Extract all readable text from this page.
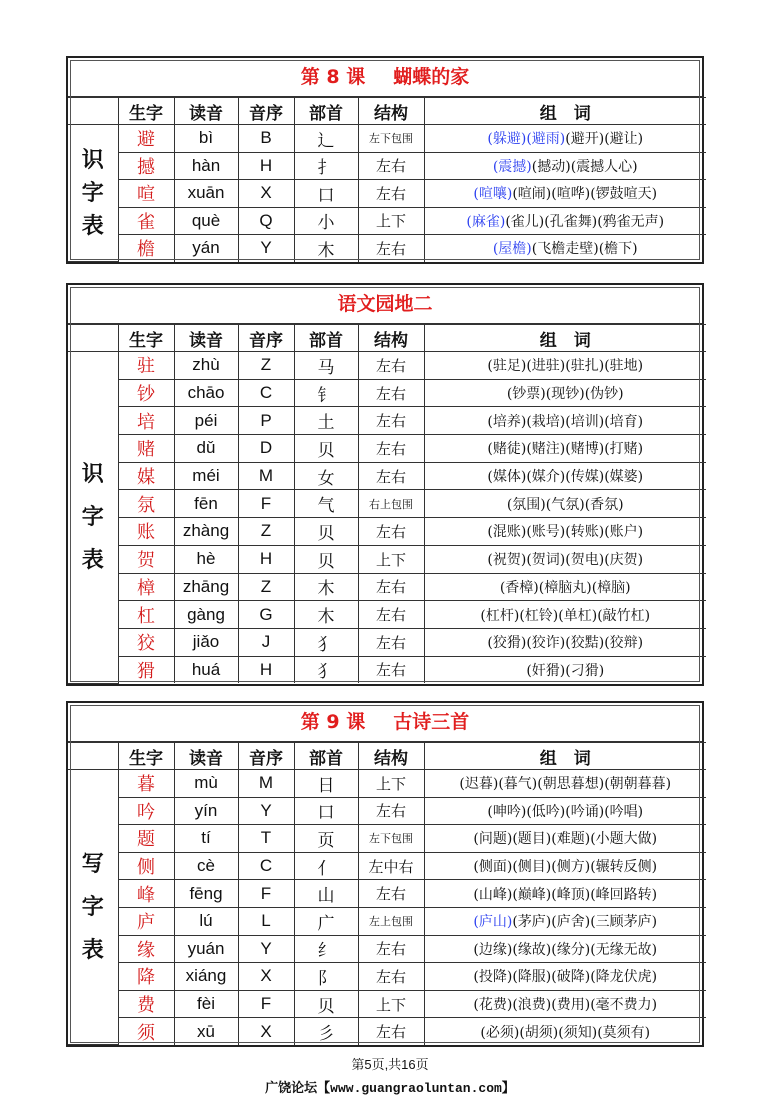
第 8 课 蝴蝶的家
	生字	读音	音序	部首	结构	组　词

识
字
表	避	bì	B	辶	左下包围	(躲避)(避雨)(避开)(避让)
	撼	hàn	H	扌	左右	(震撼)(撼动)(震撼人心)
	喧	xuān	X	口	左右	(喧嚷)(喧闹)(喧哗)(锣鼓喧天)
	雀	què	Q	小	上下	(麻雀)(雀儿)(孔雀舞)(鸦雀无声)
	檐	yán	Y	木	左右	(屋檐)(飞檐走壁)(檐下)
语文园地二
	生字	读音	音序	部首	结构	组　词

识
字
表	驻	zhù	Z	马	左右	(驻足)(进驻)(驻扎)(驻地)
	钞	chāo	C	钅	左右	(钞票)(现钞)(伪钞)
	培	péi	P	土	左右	(培养)(栽培)(培训)(培育)
	赌	dǔ	D	贝	左右	(赌徒)(赌注)(赌博)(打赌)
	媒	méi	M	女	左右	(媒体)(媒介)(传媒)(媒婆)
	氛	fēn	F	气	右上包围	(氛围)(气氛)(香氛)
	账	zhàng	Z	贝	左右	(混账)(账号)(转账)(账户)
	贺	hè	H	贝	上下	(祝贺)(贺词)(贺电)(庆贺)
	樟	zhāng	Z	木	左右	(香樟)(樟脑丸)(樟脑)
	杠	gàng	G	木	左右	(杠杆)(杠铃)(单杠)(敲竹杠)
	狡	jiǎo	J	犭	左右	(狡猾)(狡诈)(狡黠)(狡辩)
	猾	huá	H	犭	左右	(奸猾)(刁猾)
第 9 课 古诗三首
	生字	读音	音序	部首	结构	组　词

写
字
表	暮	mù	M	日	上下	(迟暮)(暮气)(朝思暮想)(朝朝暮暮)
	吟	yín	Y	口	左右	(呻吟)(低吟)(吟诵)(吟唱)
	题	tí	T	页	左下包围	(问题)(题目)(难题)(小题大做)
	侧	cè	C	亻	左中右	(侧面)(侧目)(侧方)(辗转反侧)
	峰	fēng	F	山	左右	(山峰)(巅峰)(峰顶)(峰回路转)
	庐	lú	L	广	左上包围	(庐山)(茅庐)(庐舍)(三顾茅庐)
	缘	yuán	Y	纟	左右	(边缘)(缘故)(缘分)(无缘无故)
	降	xiáng	X	阝	左右	(投降)(降服)(破降)(降龙伏虎)
	费	fèi	F	贝	上下	(花费)(浪费)(费用)(毫不费力)
	须	xū	X	彡	左右	(必须)(胡须)(须知)(莫须有)
第5页,共16页
广饶论坛【www.guangraoluntan.com】
